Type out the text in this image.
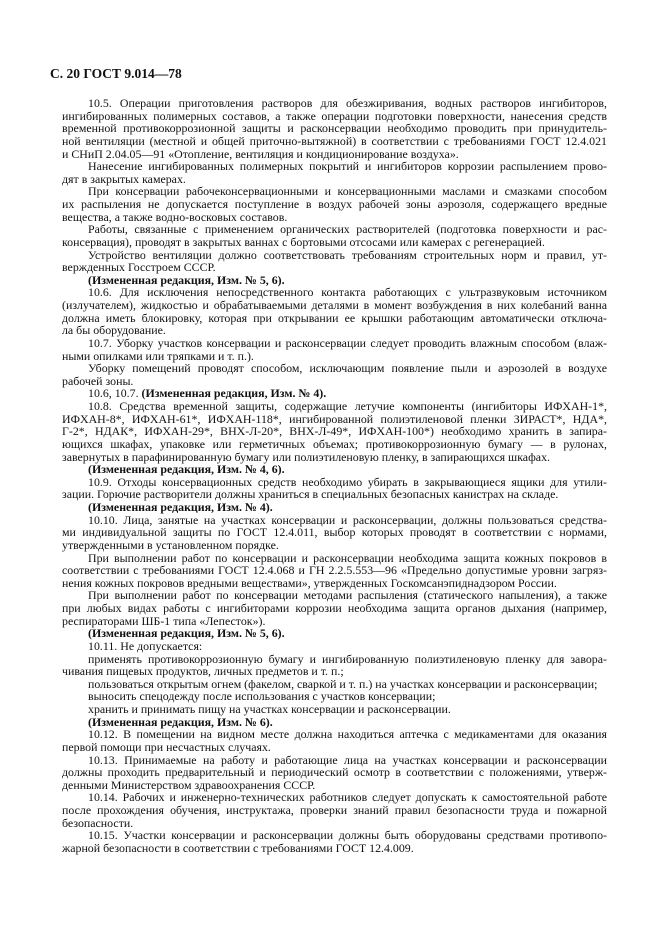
С. 20 ГОСТ 9.014—78
10.5. Операции приготовления растворов для обезжиривания, водных растворов ингибиторов,
ингибированных полимерных составов, а также операции подготовки поверхности, нанесения средств
временной противокоррозионной защиты и расконсервации необходимо проводить при принудитель-
ной вентиляции (местной и общей приточно-вытяжной) в соответствии с требованиями ГОСТ 12.4.021
и СНиП 2.04.05—91 «Отопление, вентиляция и кондиционирование воздуха».
Нанесение ингибированных полимерных покрытий и ингибиторов коррозии распылением прово-
дят в закрытых камерах.
При консервации рабочеконсервационными и консервационными маслами и смазками способом
их распыления не допускается поступление в воздух рабочей зоны аэрозоля, содержащего вредные
вещества, а также водно-восковых составов.
Работы, связанные с применением органических растворителей (подготовка поверхности и рас-
консервация), проводят в закрытых ваннах с бортовыми отсосами или камерах с регенерацией.
Устройство вентиляции должно соответствовать требованиям строительных норм и правил, ут-
вержденных Госстроем СССР.
(Измененная редакция, Изм. № 5, 6).
10.6. Для исключения непосредственного контакта работающих с ультразвуковым источником
(излучателем), жидкостью и обрабатываемыми деталями в момент возбуждения в них колебаний ванна
должна иметь блокировку, которая при открывании ее крышки работающим автоматически отключа-
ла бы оборудование.
10.7. Уборку участков консервации и расконсервации следует проводить влажным способом (влаж-
ными опилками или тряпками и т. п.).
Уборку помещений проводят способом, исключающим появление пыли и аэрозолей в воздухе
рабочей зоны.
10.6, 10.7. (Измененная редакция, Изм. № 4).
10.8. Средства временной защиты, содержащие летучие компоненты (ингибиторы ИФХАН-1*,
ИФХАН-8*, ИФХАН-61*, ИФХАН-118*, ингибированной полиэтиленовой пленки ЗИРАСТ*, НДА*,
Г-2*, НДАК*, ИФХАН-29*, ВНХ-Л-20*, ВНХ-Л-49*, ИФХАН-100*) необходимо хранить в запира-
ющихся шкафах, упаковке или герметичных объемах; противокоррозионную бумагу — в рулонах,
завернутых в парафинированную бумагу или полиэтиленовую пленку, в запирающихся шкафах.
(Измененная редакция, Изм. № 4, 6).
10.9. Отходы консервационных средств необходимо убирать в закрывающиеся ящики для утили-
зации. Горючие растворители должны храниться в специальных безопасных канистрах на складе.
(Измененная редакция, Изм. № 4).
10.10. Лица, занятые на участках консервации и расконсервации, должны пользоваться средства-
ми индивидуальной защиты по ГОСТ 12.4.011, выбор которых проводят в соответствии с нормами,
утвержденными в установленном порядке.
При выполнении работ по консервации и расконсервации необходима защита кожных покровов в
соответствии с требованиями ГОСТ 12.4.068 и ГН 2.2.5.553—96 «Предельно допустимые уровни загряз-
нения кожных покровов вредными веществами», утвержденных Госкомсанэпиднадзором России.
При выполнении работ по консервации методами распыления (статического напыления), а также
при любых видах работы с ингибиторами коррозии необходима защита органов дыхания (например,
респираторами ШБ-1 типа «Лепесток»).
(Измененная редакция, Изм. № 5, 6).
10.11. Не допускается:
применять противокоррозионную бумагу и ингибированную полиэтиленовую пленку для завора-
чивания пищевых продуктов, личных предметов и т. п.;
пользоваться открытым огнем (факелом, сваркой и т. п.) на участках консервации и расконсервации;
выносить спецодежду после использования с участков консервации;
хранить и принимать пищу на участках консервации и расконсервации.
(Измененная редакция, Изм. № 6).
10.12. В помещении на видном месте должна находиться аптечка с медикаментами для оказания
первой помощи при несчастных случаях.
10.13. Принимаемые на работу и работающие лица на участках консервации и расконсервации
должны проходить предварительный и периодический осмотр в соответствии с положениями, утверж-
денными Министерством здравоохранения СССР.
10.14. Рабочих и инженерно-технических работников следует допускать к самостоятельной работе
после прохождения обучения, инструктажа, проверки знаний правил безопасности труда и пожарной
безопасности.
10.15. Участки консервации и расконсервации должны быть оборудованы средствами противопо-
жарной безопасности в соответствии с требованиями ГОСТ 12.4.009.
